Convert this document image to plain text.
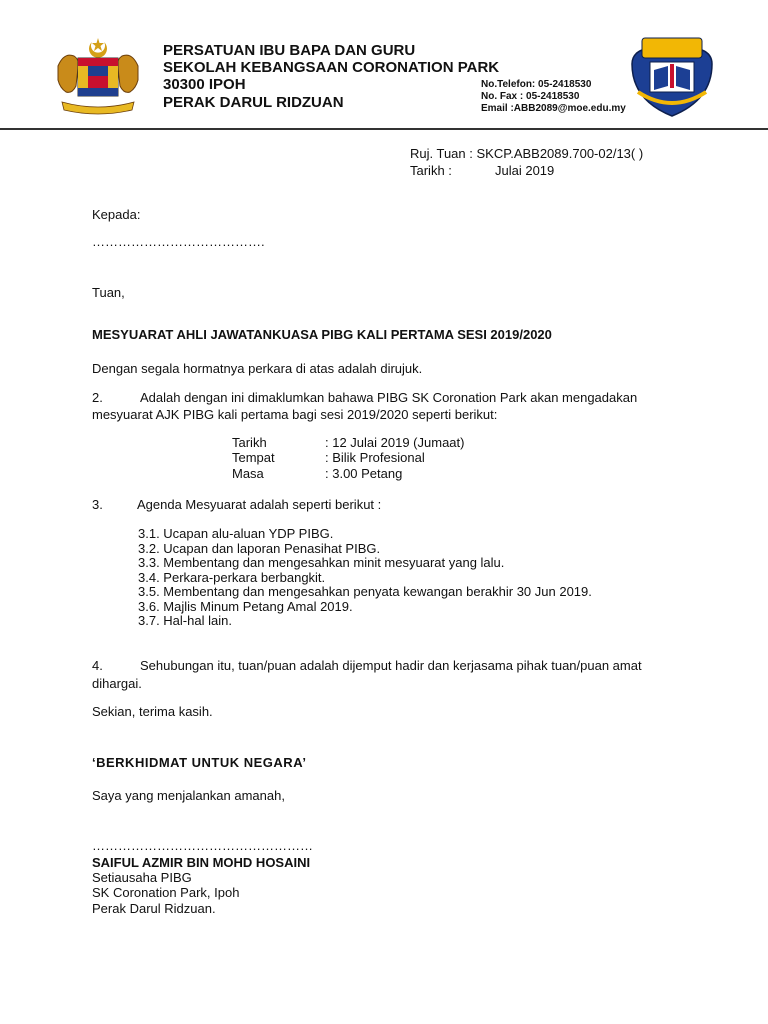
PERSATUAN IBU BAPA DAN GURU
SEKOLAH KEBANGSAAN CORONATION PARK
30300 IPOH
PERAK DARUL RIDZUAN
No.Telefon: 05-2418530
No. Fax : 05-2418530
Email :ABB2089@moe.edu.my
Ruj. Tuan : SKCP.ABB2089.700-02/13( )
Tarikh :	Julai 2019
Kepada:
………………………………….
Tuan,
MESYUARAT AHLI JAWATANKUASA PIBG KALI PERTAMA SESI 2019/2020
Dengan segala hormatnya perkara di atas adalah dirujuk.
2.	Adalah dengan ini dimaklumkan bahawa PIBG SK Coronation Park akan mengadakan
mesyuarat AJK PIBG kali pertama bagi sesi 2019/2020 seperti berikut:
Tarikh	: 12 Julai 2019 (Jumaat)
Tempat	: Bilik Profesional
Masa	: 3.00 Petang
3.	Agenda Mesyuarat adalah seperti berikut :
3.1. Ucapan alu-aluan YDP PIBG.
3.2. Ucapan dan laporan Penasihat PIBG.
3.3. Membentang dan mengesahkan minit mesyuarat yang lalu.
3.4. Perkara-perkara berbangkit.
3.5. Membentang dan mengesahkan penyata kewangan berakhir 30 Jun 2019.
3.6. Majlis Minum Petang Amal 2019.
3.7. Hal-hal lain.
4.	Sehubungan itu, tuan/puan adalah dijemput hadir dan kerjasama pihak tuan/puan amat
dihargai.
Sekian, terima kasih.
‘BERKHIDMAT UNTUK NEGARA’
Saya yang menjalankan amanah,
……………………………………………
SAIFUL AZMIR BIN MOHD HOSAINI
Setiausaha PIBG
SK Coronation Park, Ipoh
Perak Darul Ridzuan.
